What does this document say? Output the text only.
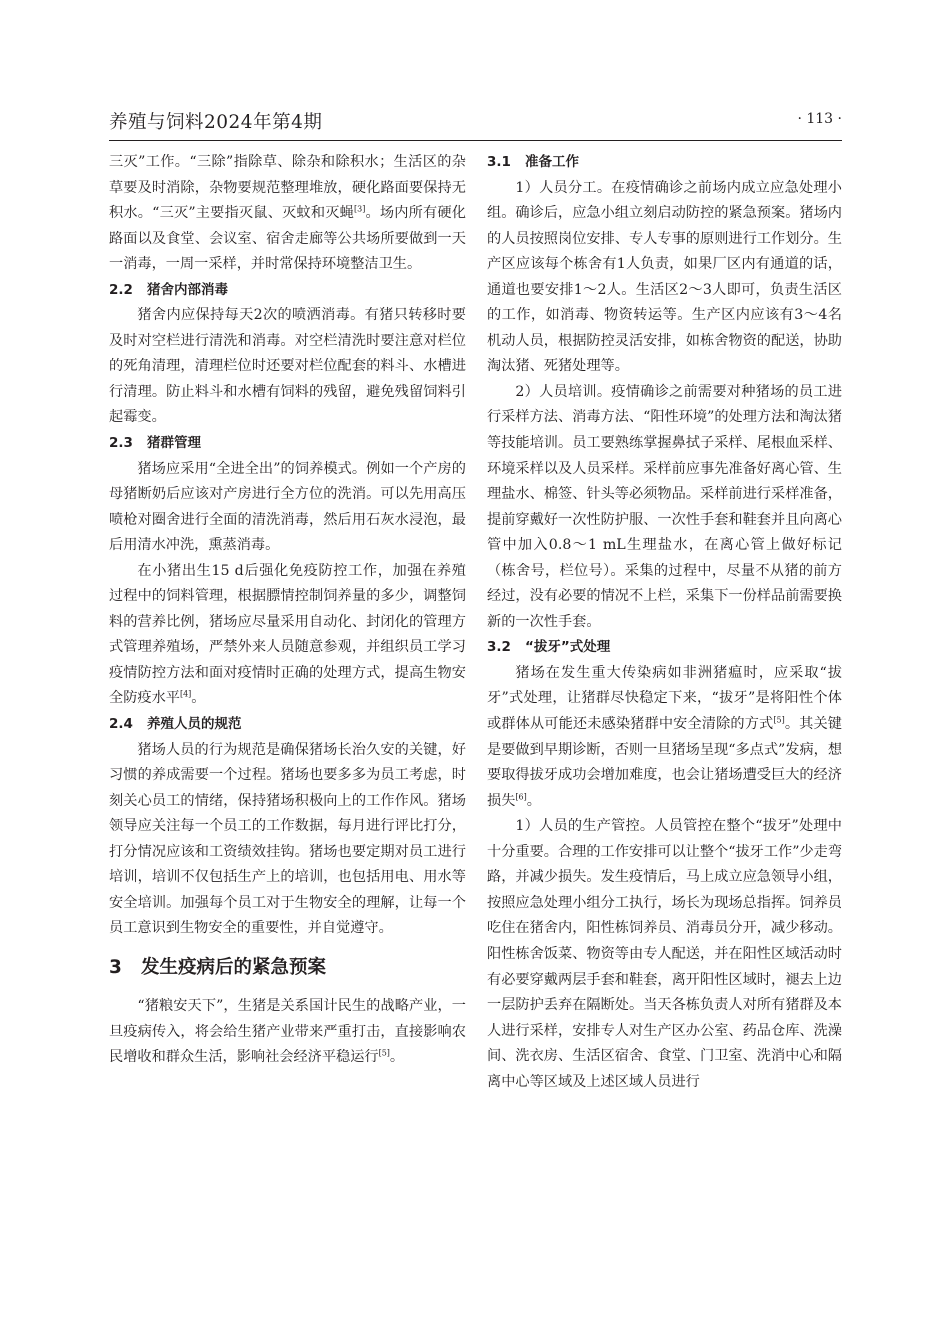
养殖与饲料2024年第4期	· 113 ·

三灭”工作。“三除”指除草、除杂和除积水；生活区的杂草要及时消除，杂物要规范整理堆放，硬化路面要保持无积水。“三灭”主要指灭鼠、灭蚊和灭蝇[3]。场内所有硬化路面以及食堂、会议室、宿舍走廊等公共场所要做到一天一消毒，一周一采样，并时常保持环境整洁卫生。

2.2 猪舍内部消毒

猪舍内应保持每天2次的喷洒消毒。有猪只转移时要及时对空栏进行清洗和消毒。对空栏清洗时要注意对栏位的死角清理，清理栏位时还要对栏位配套的料斗、水槽进行清理。防止料斗和水槽有饲料的残留，避免残留饲料引起霉变。

2.3 猪群管理

猪场应采用“全进全出”的饲养模式。例如一个产房的母猪断奶后应该对产房进行全方位的洗消。可以先用高压喷枪对圈舍进行全面的清洗消毒，然后用石灰水浸泡，最后用清水冲洗，熏蒸消毒。

在小猪出生15 d后强化免疫防控工作，加强在养殖过程中的饲料管理，根据膘情控制饲养量的多少，调整饲料的营养比例，猪场应尽量采用自动化、封闭化的管理方式管理养殖场，严禁外来人员随意参观，并组织员工学习疫情防控方法和面对疫情时正确的处理方式，提高生物安全防疫水平[4]。

2.4 养殖人员的规范

猪场人员的行为规范是确保猪场长治久安的关键，好习惯的养成需要一个过程。猪场也要多多为员工考虑，时刻关心员工的情绪，保持猪场积极向上的工作作风。猪场领导应关注每一个员工的工作数据，每月进行评比打分，打分情况应该和工资绩效挂钩。猪场也要定期对员工进行培训，培训不仅包括生产上的培训，也包括用电、用水等安全培训。加强每个员工对于生物安全的理解，让每一个员工意识到生物安全的重要性，并自觉遵守。

3 发生疫病后的紧急预案

“猪粮安天下”，生猪是关系国计民生的战略产业，一旦疫病传入，将会给生猪产业带来严重打击，直接影响农民增收和群众生活，影响社会经济平稳运行[5]。

3.1 准备工作

1）人员分工。在疫情确诊之前场内成立应急处理小组。确诊后，应急小组立刻启动防控的紧急预案。猪场内的人员按照岗位安排、专人专事的原则进行工作划分。生产区应该每个栋舍有1人负责，如果厂区内有通道的话，通道也要安排1～2人。生活区2～3人即可，负责生活区的工作，如消毒、物资转运等。生产区内应该有3～4名机动人员，根据防控灵活安排，如栋舍物资的配送，协助淘汰猪、死猪处理等。

2）人员培训。疫情确诊之前需要对种猪场的员工进行采样方法、消毒方法、“阳性环境”的处理方法和淘汰猪等技能培训。员工要熟练掌握鼻拭子采样、尾根血采样、环境采样以及人员采样。采样前应事先准备好离心管、生理盐水、棉签、针头等必须物品。采样前进行采样准备，提前穿戴好一次性防护服、一次性手套和鞋套并且向离心管中加入0.8～1 mL生理盐水，在离心管上做好标记（栋舍号，栏位号）。采集的过程中，尽量不从猪的前方经过，没有必要的情况不上栏，采集下一份样品前需要换新的一次性手套。

3.2 “拔牙”式处理

猪场在发生重大传染病如非洲猪瘟时，应采取“拔牙”式处理，让猪群尽快稳定下来，“拔牙”是将阳性个体或群体从可能还未感染猪群中安全清除的方式[5]。其关键是要做到早期诊断，否则一旦猪场呈现“多点式”发病，想要取得拔牙成功会增加难度，也会让猪场遭受巨大的经济损失[6]。

1）人员的生产管控。人员管控在整个“拔牙”处理中十分重要。合理的工作安排可以让整个“拔牙工作”少走弯路，并减少损失。发生疫情后，马上成立应急领导小组，按照应急处理小组分工执行，场长为现场总指挥。饲养员吃住在猪舍内，阳性栋饲养员、消毒员分开，减少移动。阳性栋舍饭菜、物资等由专人配送，并在阳性区域活动时有必要穿戴两层手套和鞋套，离开阳性区域时，褪去上边一层防护丢弃在隔断处。当天各栋负责人对所有猪群及本人进行采样，安排专人对生产区办公室、药品仓库、洗澡间、洗衣房、生活区宿舍、食堂、门卫室、洗消中心和隔离中心等区域及上述区域人员进行
